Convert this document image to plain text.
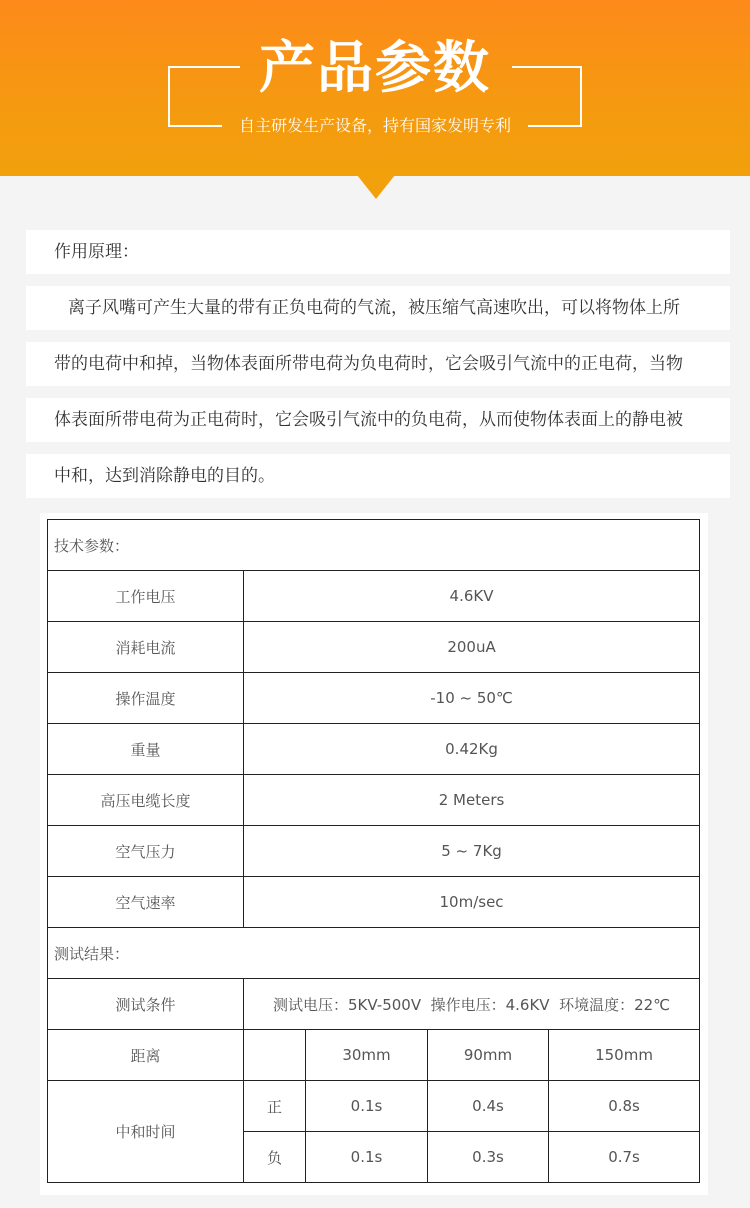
产品参数
自主研发生产设备，持有国家发明专利
作用原理：
离子风嘴可产生大量的带有正负电荷的气流，被压缩气高速吹出，可以将物体上所
带的电荷中和掉，当物体表面所带电荷为负电荷时，它会吸引气流中的正电荷，当物
体表面所带电荷为正电荷时，它会吸引气流中的负电荷，从而使物体表面上的静电被
中和，达到消除静电的目的。
技术参数：				
工作电压	4.6KV			
消耗电流	200uA			
操作温度	-10 ~ 50℃			
重量	0.42Kg			
高压电缆长度	2 Meters			
空气压力	5 ~ 7Kg			
空气速率	10m/sec			
测试结果：				
测试条件	测试电压：5KV-500V  操作电压：4.6KV  环境温度：22℃			
距离		30mm	90mm	150mm
中和时间	正	0.1s	0.4s	0.8s
	负	0.1s	0.3s	0.7s
